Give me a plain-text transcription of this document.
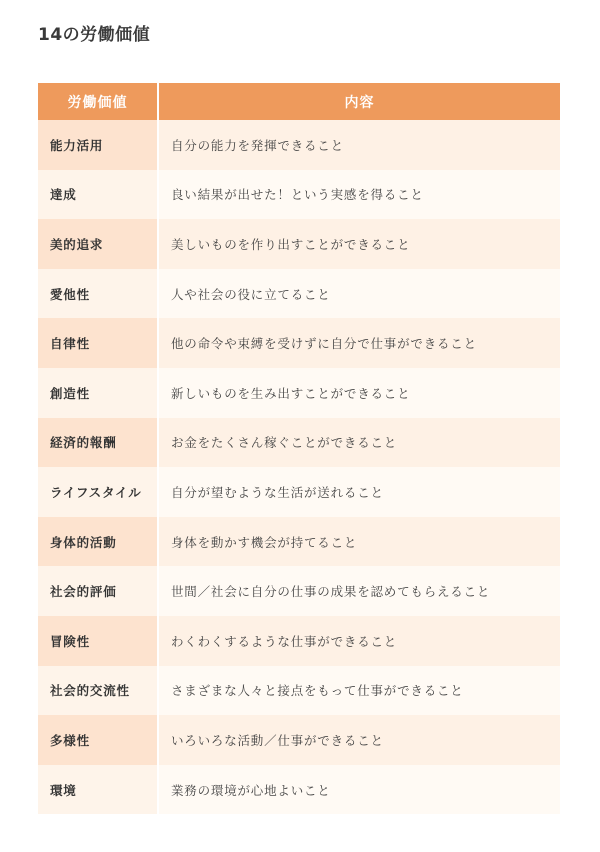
14の労働価値
労働価値	内容
能力活用	自分の能力を発揮できること
達成	良い結果が出せた！という実感を得ること
美的追求	美しいものを作り出すことができること
愛他性	人や社会の役に立てること
自律性	他の命令や束縛を受けずに自分で仕事ができること
創造性	新しいものを生み出すことができること
経済的報酬	お金をたくさん稼ぐことができること
ライフスタイル	自分が望むような生活が送れること
身体的活動	身体を動かす機会が持てること
社会的評価	世間／社会に自分の仕事の成果を認めてもらえること
冒険性	わくわくするような仕事ができること
社会的交流性	さまざまな人々と接点をもって仕事ができること
多様性	いろいろな活動／仕事ができること
環境	業務の環境が心地よいこと
